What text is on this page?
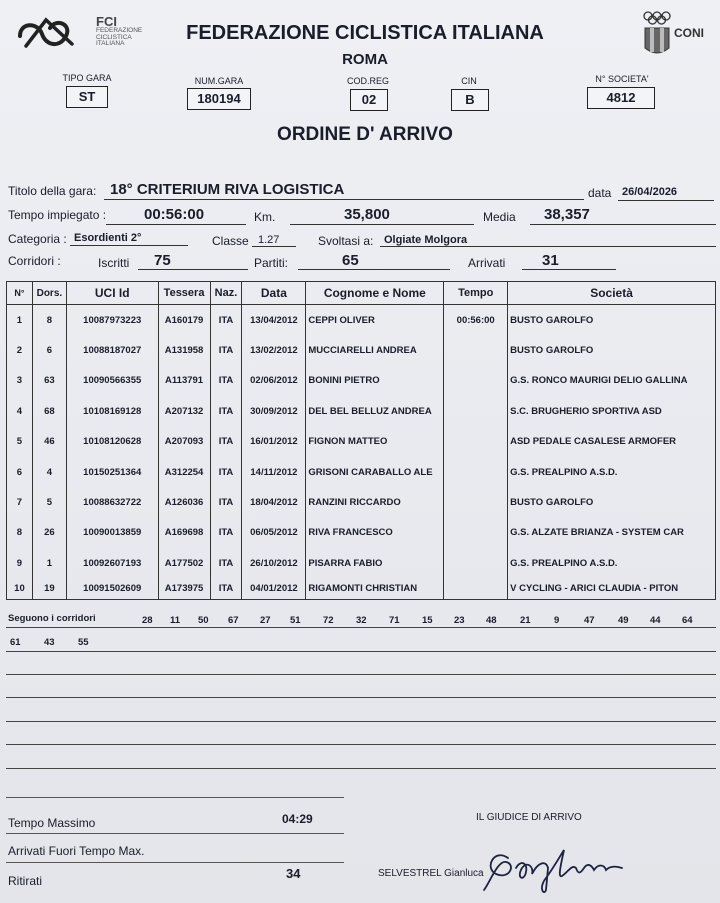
FCI
FEDERAZIONE
CICLISTICA
ITALIANA	FEDERAZIONE CICLISTICA ITALIANA
ROMA
CONI
TIPO GARA
ST
NUM.GARA
180194
COD.REG
02
CIN
B
N° SOCIETA'
4812
ORDINE D' ARRIVO
Titolo della gara: 18° CRITERIUM RIVA LOGISTICA	data 26/04/2026
Tempo impiegato :	00:56:00	Km.	35,800	Media 38,357
Categoria : Esordienti 2°	Classe 1.27	Svoltasi a: Olgiate Molgora
Corridori :	Iscritti 75	Partiti:	65	Arrivati 31
N°	Dors.	UCI Id	Tessera	Naz.	Data	Cognome e Nome	Tempo	Società
1	8	10087973223	A160179	ITA	13/04/2012	CEPPI OLIVER	00:56:00	BUSTO GAROLFO
2	6	10088187027	A131958	ITA	13/02/2012	MUCCIARELLI ANDREA		BUSTO GAROLFO
3	63	10090566355	A113791	ITA	02/06/2012	BONINI PIETRO		G.S. RONCO MAURIGI DELIO GALLINA
4	68	10108169128	A207132	ITA	30/09/2012	DEL BEL BELLUZ ANDREA		S.C. BRUGHERIO SPORTIVA ASD
5	46	10108120628	A207093	ITA	16/01/2012	FIGNON MATTEO		ASD PEDALE CASALESE ARMOFER
6	4	10150251364	A312254	ITA	14/11/2012	GRISONI CARABALLO ALE		G.S. PREALPINO A.S.D.
7	5	10088632722	A126036	ITA	18/04/2012	RANZINI RICCARDO		BUSTO GAROLFO
8	26	10090013859	A169698	ITA	06/05/2012	RIVA FRANCESCO		G.S. ALZATE BRIANZA - SYSTEM CAR
9	1	10092607193	A177502	ITA	26/10/2012	PISARRA FABIO		G.S. PREALPINO A.S.D.
10	19	10091502609	A173975	ITA	04/01/2012	RIGAMONTI CHRISTIAN		V CYCLING - ARICI CLAUDIA - PITON
Seguono i corridori	28 11 50 67 27 51 72 32 71 15 23 48 21 9	47 49 44 64
61 43 55
Tempo Massimo	04:29
Arrivati Fuori Tempo Max.
Ritirati	34
IL GIUDICE DI ARRIVO
SELVESTREL Gianluca
